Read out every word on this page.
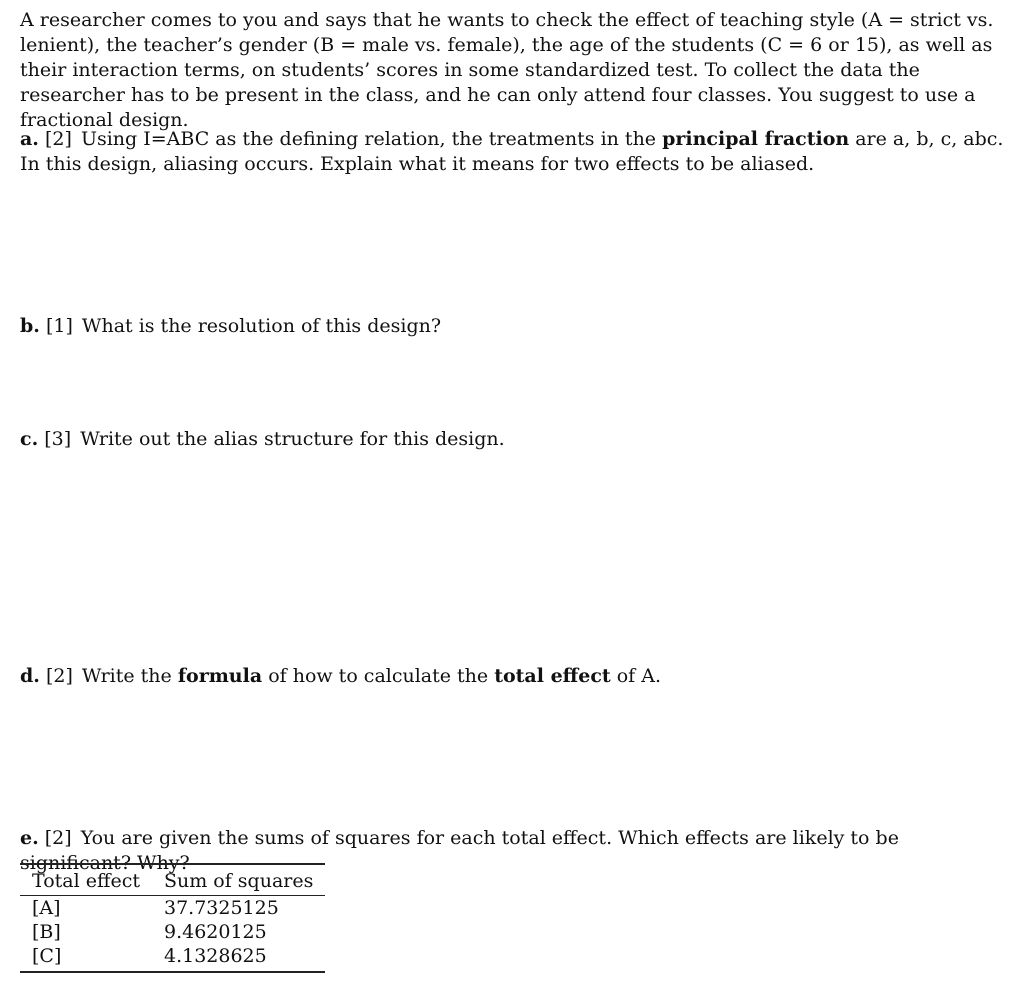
A researcher comes to you and says that he wants to check the effect of teaching style (A = strict vs. lenient), the teacher’s gender (B = male vs. female), the age of the students (C = 6 or 15), as well as their interaction terms, on students’ scores in some standardized test. To collect the data the researcher has to be present in the class, and he can only attend four classes. You suggest to use a fractional design.

a. [2] Using I=ABC as the defining relation, the treatments in the principal fraction are a, b, c, abc. In this design, aliasing occurs. Explain what it means for two effects to be aliased.

b. [1] What is the resolution of this design?

c. [3] Write out the alias structure for this design.

d. [2] Write the formula of how to calculate the total effect of A.

e. [2] You are given the sums of squares for each total effect. Which effects are likely to be significant? Why?

Total effect	Sum of squares
[A]	37.7325125
[B]	9.4620125
[C]	4.1328625
